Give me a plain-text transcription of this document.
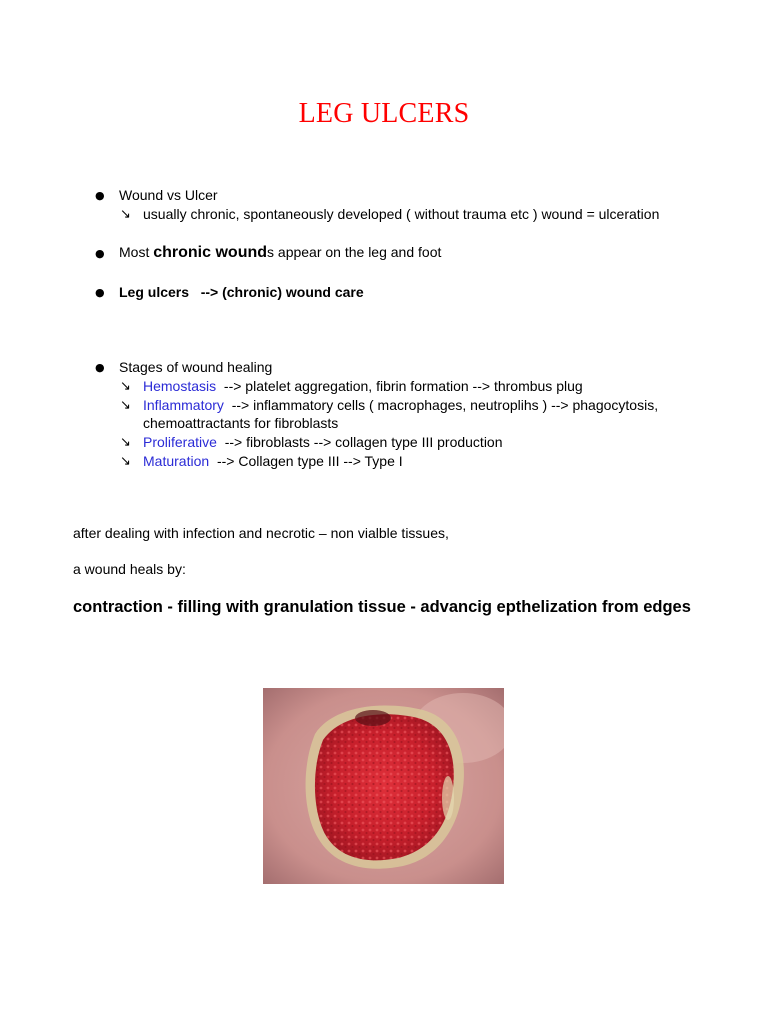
LEG ULCERS
● Wound vs Ulcer
↘ usually chronic, spontaneously developed ( without trauma etc ) wound = ulceration
● Most chronic wounds appear on the leg and foot
● Leg ulcers --> (chronic) wound care
● Stages of wound healing
↘ Hemostasis --> platelet aggregation, fibrin formation --> thrombus plug
↘ Inflammatory --> inflammatory cells ( macrophages, neutroplihs ) --> phagocytosis,
chemoattractants for fibroblasts
↘ Proliferative --> fibroblasts --> collagen type III production
↘ Maturation --> Collagen type III --> Type I
after dealing with infection and necrotic – non vialble tissues,
a wound heals by:
contraction - filling with granulation tissue - advancig epthelization from edges
